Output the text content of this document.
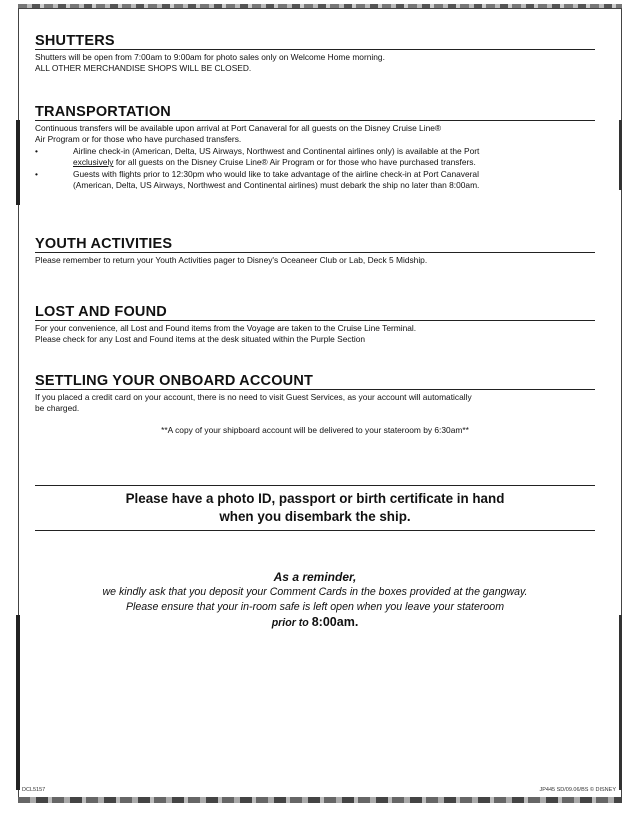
SHUTTERS
Shutters will be open from 7:00am to 9:00am for photo sales only on Welcome Home morning.
ALL OTHER MERCHANDISE SHOPS WILL BE CLOSED.
TRANSPORTATION
Continuous transfers will be available upon arrival at Port Canaveral for all guests on the Disney Cruise Line®
Air Program or for those who have purchased transfers.
•	Airline check-in (American, Delta, US Airways, Northwest and Continental airlines only) is available at the Port
exclusively for all guests on the Disney Cruise Line® Air Program or for those who have purchased transfers.
•	Guests with flights prior to 12:30pm who would like to take advantage of the airline check-in at Port Canaveral
(American, Delta, US Airways, Northwest and Continental airlines) must debark the ship no later than 8:00am.
YOUTH ACTIVITIES
Please remember to return your Youth Activities pager to Disney's Oceaneer Club or Lab, Deck 5 Midship.
LOST AND FOUND
For your convenience, all Lost and Found items from the Voyage are taken to the Cruise Line Terminal.
Please check for any Lost and Found items at the desk situated within the Purple Section
SETTLING YOUR ONBOARD ACCOUNT
If you placed a credit card on your account, there is no need to visit Guest Services, as your account will automatically
be charged.
**A copy of your shipboard account will be delivered to your stateroom by 6:30am**
Please have a photo ID, passport or birth certificate in hand
when you disembark the ship.
As a reminder,
we kindly ask that you deposit your Comment Cards in the boxes provided at the gangway.
Please ensure that your in-room safe is left open when you leave your stateroom
prior to 8:00am.
DCL5157	JP445 SD/09.06/BS © DISNEY
